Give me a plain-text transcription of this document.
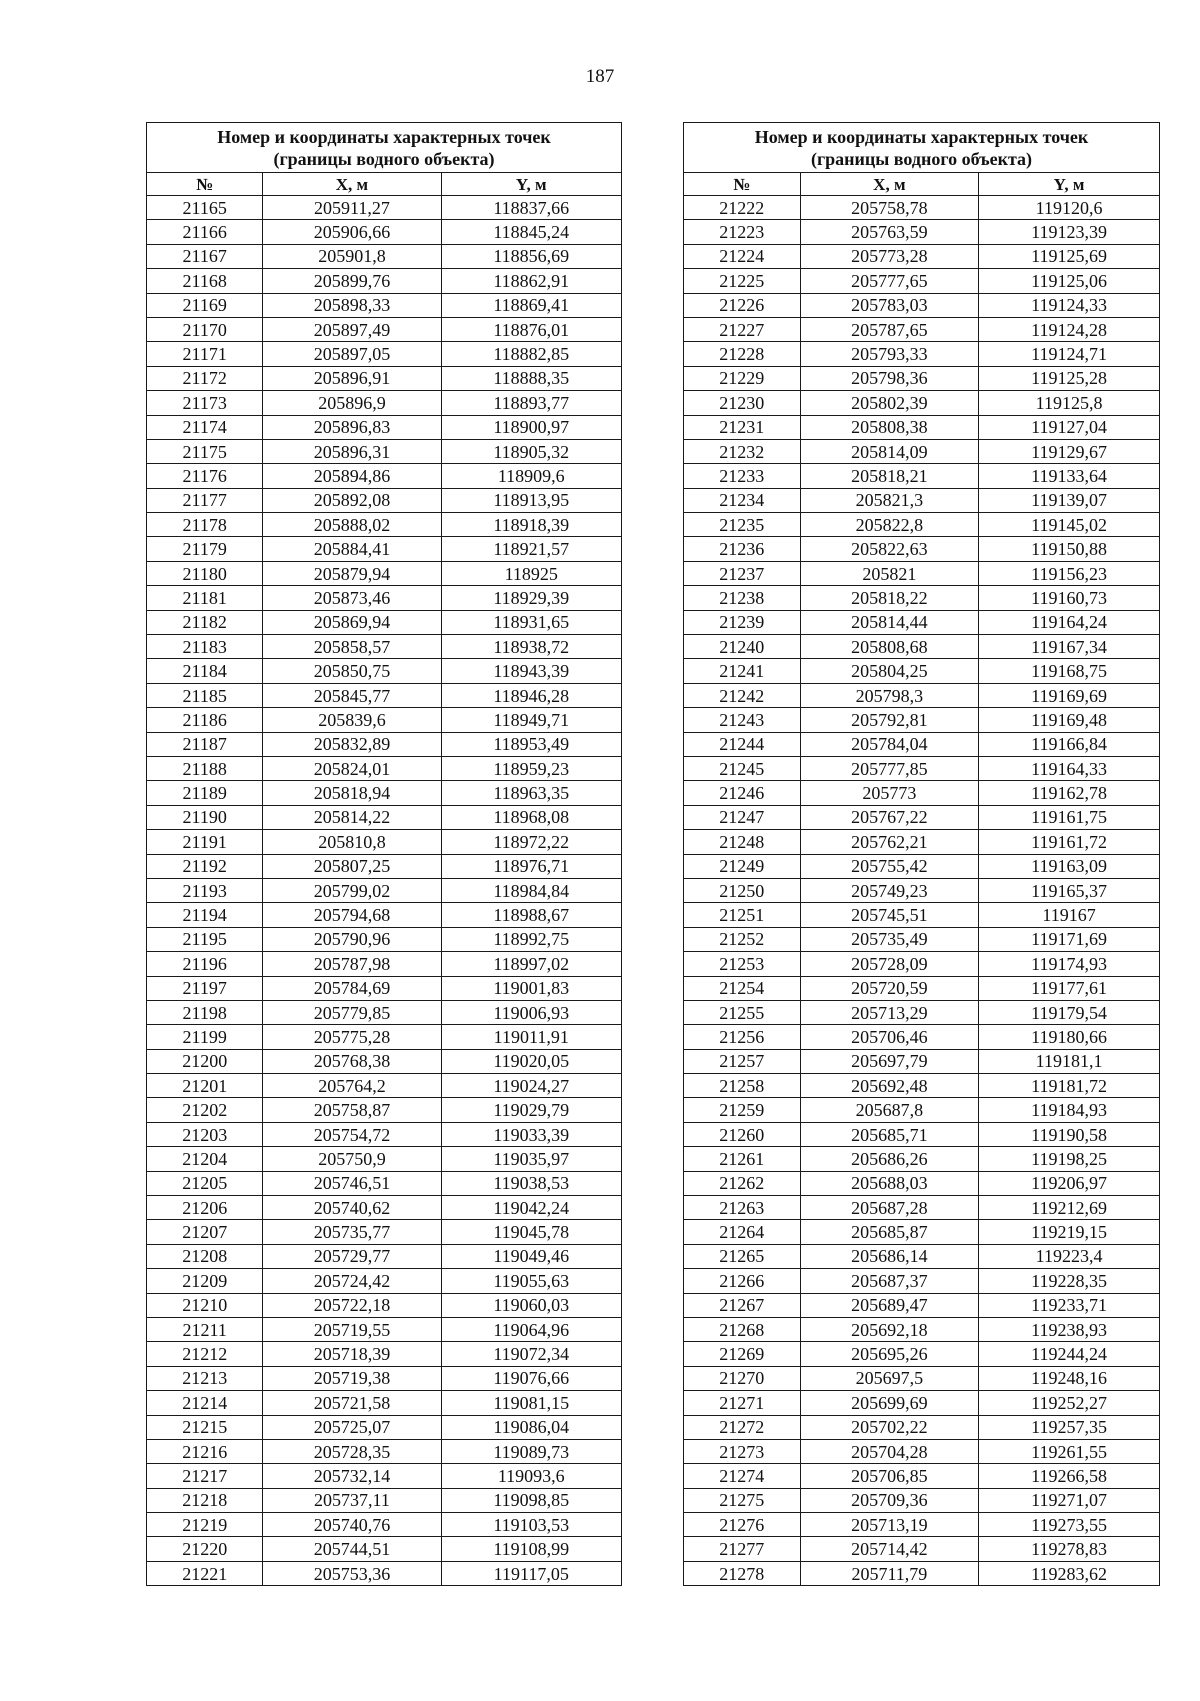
187
Номер и координаты характерных точек
(границы водного объекта)		
№	X, м	Y, м
21165	205911,27	118837,66
21166	205906,66	118845,24
21167	205901,8	118856,69
21168	205899,76	118862,91
21169	205898,33	118869,41
21170	205897,49	118876,01
21171	205897,05	118882,85
21172	205896,91	118888,35
21173	205896,9	118893,77
21174	205896,83	118900,97
21175	205896,31	118905,32
21176	205894,86	118909,6
21177	205892,08	118913,95
21178	205888,02	118918,39
21179	205884,41	118921,57
21180	205879,94	118925
21181	205873,46	118929,39
21182	205869,94	118931,65
21183	205858,57	118938,72
21184	205850,75	118943,39
21185	205845,77	118946,28
21186	205839,6	118949,71
21187	205832,89	118953,49
21188	205824,01	118959,23
21189	205818,94	118963,35
21190	205814,22	118968,08
21191	205810,8	118972,22
21192	205807,25	118976,71
21193	205799,02	118984,84
21194	205794,68	118988,67
21195	205790,96	118992,75
21196	205787,98	118997,02
21197	205784,69	119001,83
21198	205779,85	119006,93
21199	205775,28	119011,91
21200	205768,38	119020,05
21201	205764,2	119024,27
21202	205758,87	119029,79
21203	205754,72	119033,39
21204	205750,9	119035,97
21205	205746,51	119038,53
21206	205740,62	119042,24
21207	205735,77	119045,78
21208	205729,77	119049,46
21209	205724,42	119055,63
21210	205722,18	119060,03
21211	205719,55	119064,96
21212	205718,39	119072,34
21213	205719,38	119076,66
21214	205721,58	119081,15
21215	205725,07	119086,04
21216	205728,35	119089,73
21217	205732,14	119093,6
21218	205737,11	119098,85
21219	205740,76	119103,53
21220	205744,51	119108,99
21221	205753,36	119117,05
Номер и координаты характерных точек
(границы водного объекта)		
№	X, м	Y, м
21222	205758,78	119120,6
21223	205763,59	119123,39
21224	205773,28	119125,69
21225	205777,65	119125,06
21226	205783,03	119124,33
21227	205787,65	119124,28
21228	205793,33	119124,71
21229	205798,36	119125,28
21230	205802,39	119125,8
21231	205808,38	119127,04
21232	205814,09	119129,67
21233	205818,21	119133,64
21234	205821,3	119139,07
21235	205822,8	119145,02
21236	205822,63	119150,88
21237	205821	119156,23
21238	205818,22	119160,73
21239	205814,44	119164,24
21240	205808,68	119167,34
21241	205804,25	119168,75
21242	205798,3	119169,69
21243	205792,81	119169,48
21244	205784,04	119166,84
21245	205777,85	119164,33
21246	205773	119162,78
21247	205767,22	119161,75
21248	205762,21	119161,72
21249	205755,42	119163,09
21250	205749,23	119165,37
21251	205745,51	119167
21252	205735,49	119171,69
21253	205728,09	119174,93
21254	205720,59	119177,61
21255	205713,29	119179,54
21256	205706,46	119180,66
21257	205697,79	119181,1
21258	205692,48	119181,72
21259	205687,8	119184,93
21260	205685,71	119190,58
21261	205686,26	119198,25
21262	205688,03	119206,97
21263	205687,28	119212,69
21264	205685,87	119219,15
21265	205686,14	119223,4
21266	205687,37	119228,35
21267	205689,47	119233,71
21268	205692,18	119238,93
21269	205695,26	119244,24
21270	205697,5	119248,16
21271	205699,69	119252,27
21272	205702,22	119257,35
21273	205704,28	119261,55
21274	205706,85	119266,58
21275	205709,36	119271,07
21276	205713,19	119273,55
21277	205714,42	119278,83
21278	205711,79	119283,62
